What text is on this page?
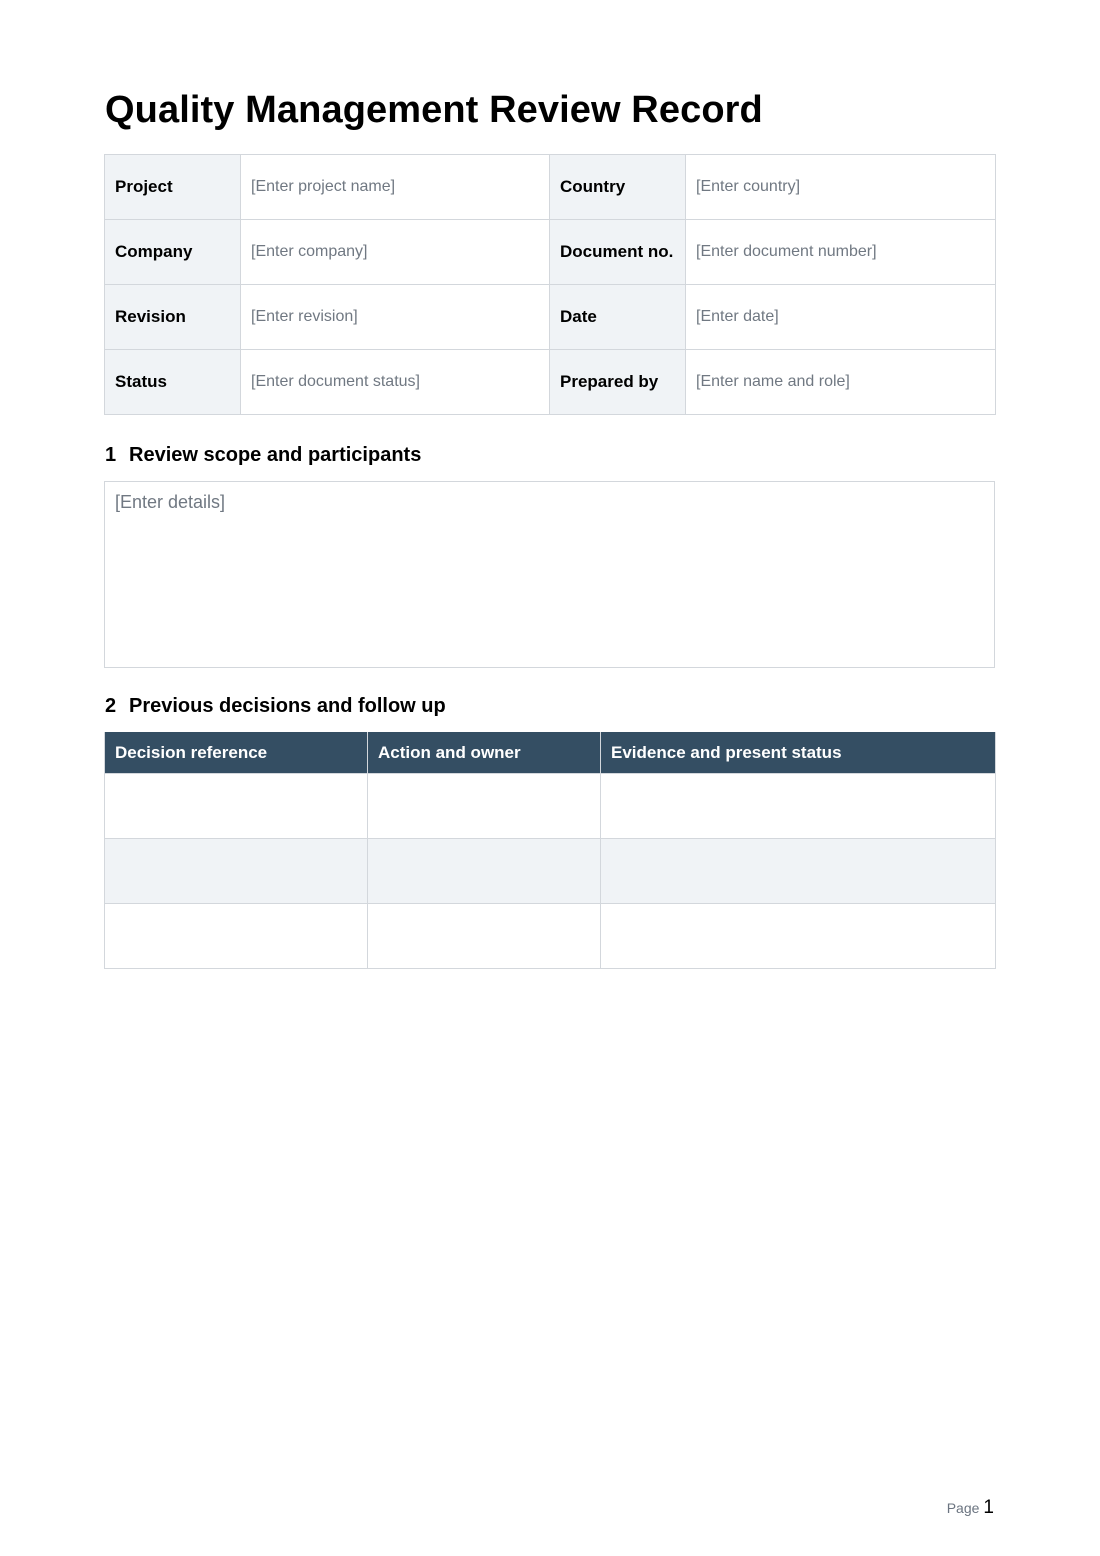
Quality Management Review Record
Project	[Enter project name]	Country	[Enter country]
Company	[Enter company]	Document no.	[Enter document number]
Revision	[Enter revision]	Date	[Enter date]
Status	[Enter document status]	Prepared by	[Enter name and role]
1 Review scope and participants
[Enter details]
2 Previous decisions and follow up
Decision reference	Action and owner	Evidence and present status

Page 1
